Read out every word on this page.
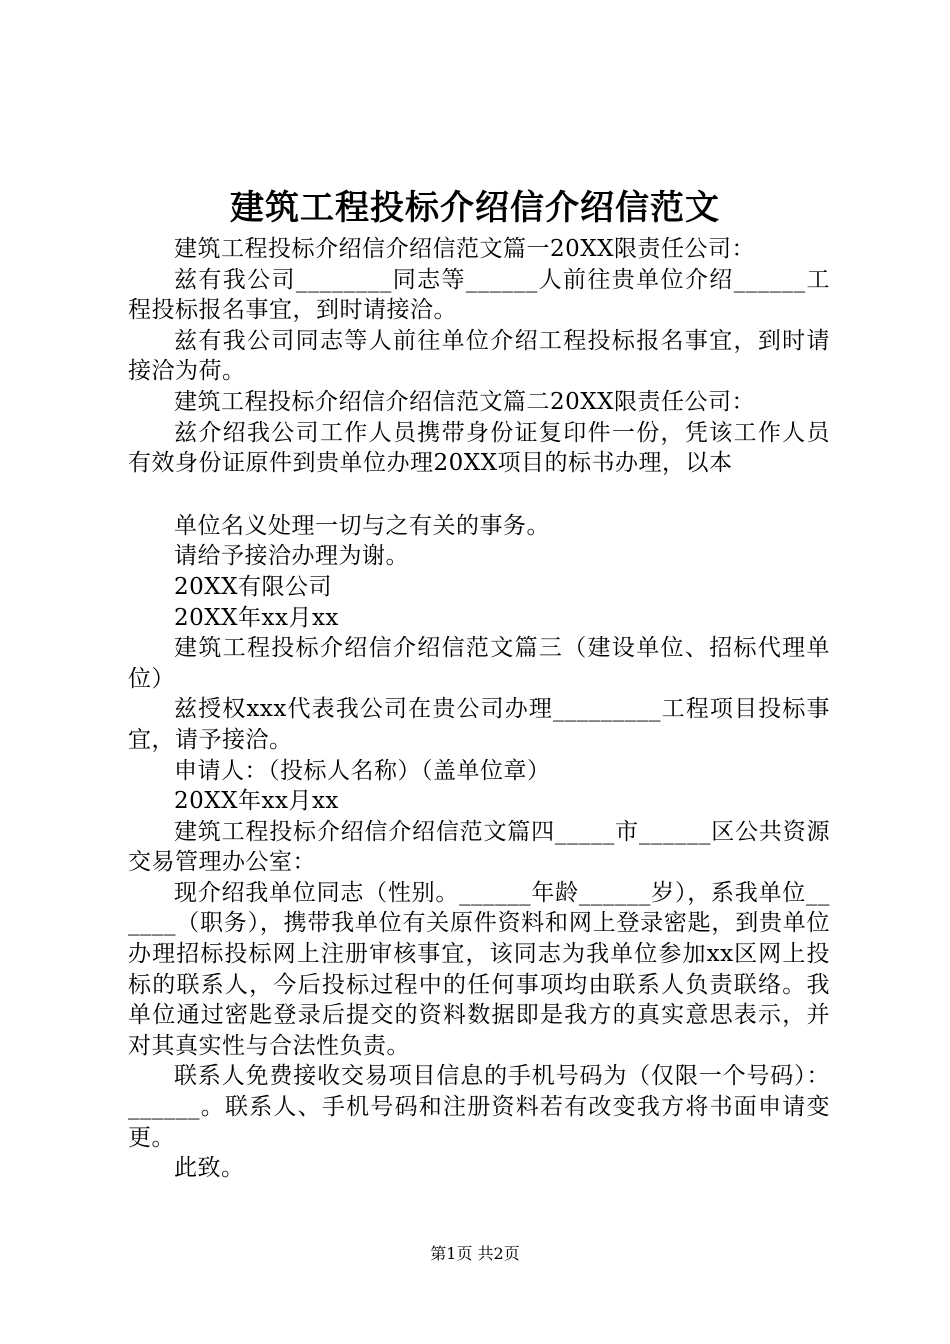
建筑工程投标介绍信介绍信范文

建筑工程投标介绍信介绍信范文篇一20XX限责任公司：

兹有我公司________同志等______人前往贵单位介绍______工程投标报名事宜，到时请接洽。

兹有我公司同志等人前往单位介绍工程投标报名事宜，到时请接洽为荷。

建筑工程投标介绍信介绍信范文篇二20XX限责任公司：

兹介绍我公司工作人员携带身份证复印件一份，凭该工作人员有效身份证原件到贵单位办理20XX项目的标书办理，以本

单位名义处理一切与之有关的事务。

请给予接洽办理为谢。

20XX有限公司

20XX年xx月xx

建筑工程投标介绍信介绍信范文篇三（建设单位、招标代理单位）

兹授权xxx代表我公司在贵公司办理_________工程项目投标事宜，请予接洽。

申请人：（投标人名称）（盖单位章）

20XX年xx月xx

建筑工程投标介绍信介绍信范文篇四_____市______区公共资源交易管理办公室：

现介绍我单位同志（性别。______年龄______岁），系我单位______（职务），携带我单位有关原件资料和网上登录密匙，到贵单位办理招标投标网上注册审核事宜，该同志为我单位参加xx区网上投标的联系人，今后投标过程中的任何事项均由联系人负责联络。我单位通过密匙登录后提交的资料数据即是我方的真实意思表示，并对其真实性与合法性负责。

联系人免费接收交易项目信息的手机号码为（仅限一个号码）：______。联系人、手机号码和注册资料若有改变我方将书面申请变更。

此致。

第1页 共2页
